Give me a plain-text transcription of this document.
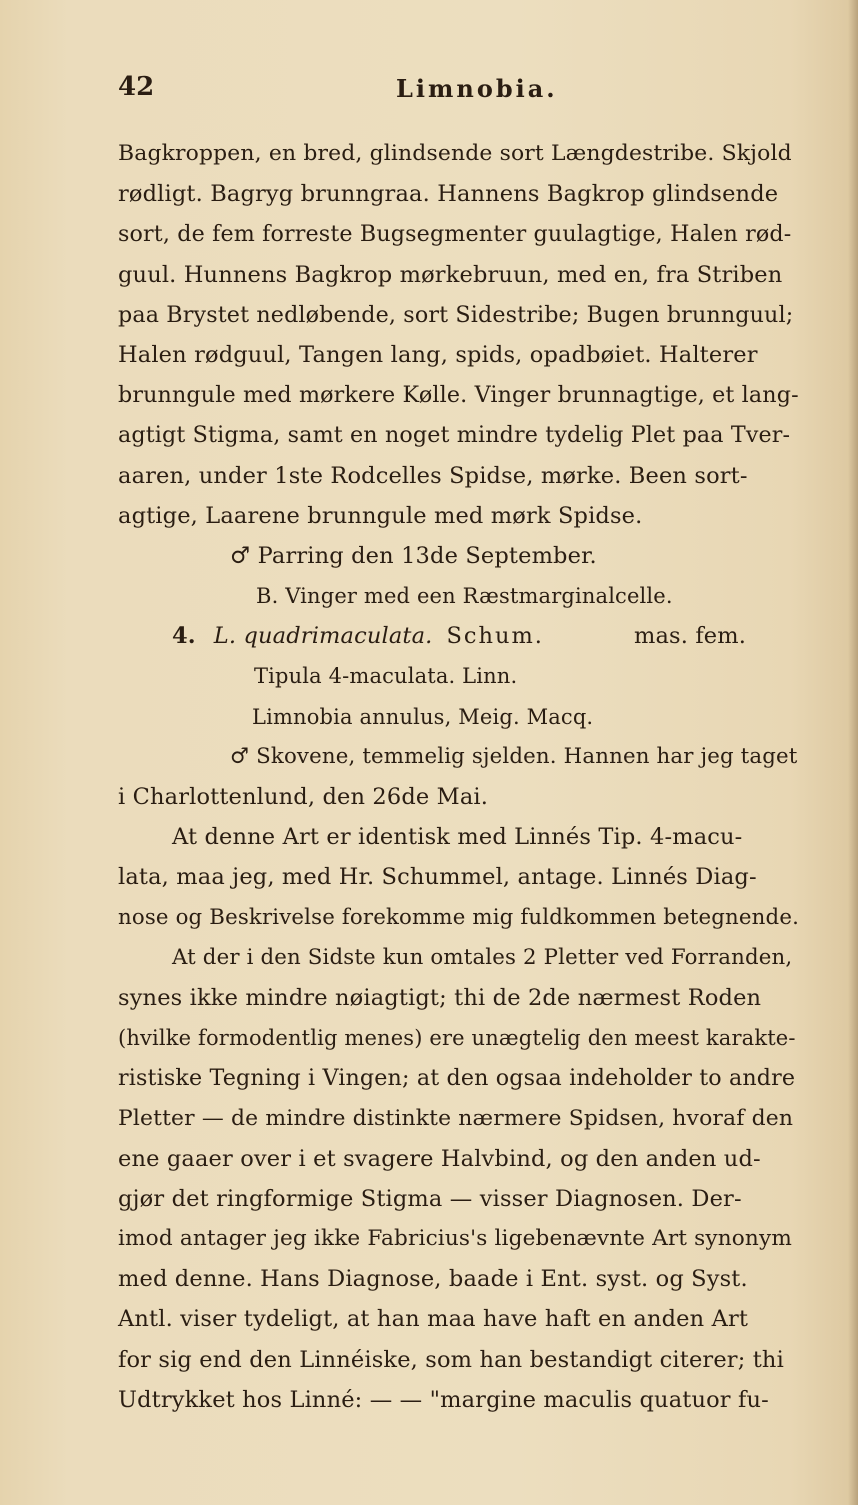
42	Limnobia.
Bagkroppen, en bred, glindsende sort Længdestribe. Skjold
rødligt. Bagryg brunngraa. Hannens Bagkrop glindsende
sort, de fem forreste Bugsegmenter guulagtige, Halen rød-
guul. Hunnens Bagkrop mørkebruun, med en, fra Striben
paa Brystet nedløbende, sort Sidestribe; Bugen brunnguul;
Halen rødguul, Tangen lang, spids, opadbøiet. Halterer
brunngule med mørkere Kølle. Vinger brunnagtige, et lang-
agtigt Stigma, samt en noget mindre tydelig Plet paa Tver-
aaren, under 1ste Rodcelles Spidse, mørke. Been sort-
agtige, Laarene brunngule med mørk Spidse.
♂ Parring den 13de September.
B. Vinger med een Ræstmarginalcelle.
4. L. quadrimaculata. Schum.	mas. fem.
Tipula 4-maculata. Linn.
Limnobia annulus, Meig. Macq.
♂ Skovene, temmelig sjelden. Hannen har jeg taget
i Charlottenlund, den 26de Mai.
At denne Art er identisk med Linnés Tip. 4-macu-
lata, maa jeg, med Hr. Schummel, antage. Linnés Diag-
nose og Beskrivelse forekomme mig fuldkommen betegnende.
At der i den Sidste kun omtales 2 Pletter ved Forranden,
synes ikke mindre nøiagtigt; thi de 2de nærmest Roden
(hvilke formodentlig menes) ere unægtelig den meest karakte-
ristiske Tegning i Vingen; at den ogsaa indeholder to andre
Pletter — de mindre distinkte nærmere Spidsen, hvoraf den
ene gaaer over i et svagere Halvbind, og den anden ud-
gjør det ringformige Stigma — visser Diagnosen. Der-
imod antager jeg ikke Fabricius's ligebenævnte Art synonym
med denne. Hans Diagnose, baade i Ent. syst. og Syst.
Antl. viser tydeligt, at han maa have haft en anden Art
for sig end den Linnéiske, som han bestandigt citerer; thi
Udtrykket hos Linné: — — "margine maculis quatuor fu-
